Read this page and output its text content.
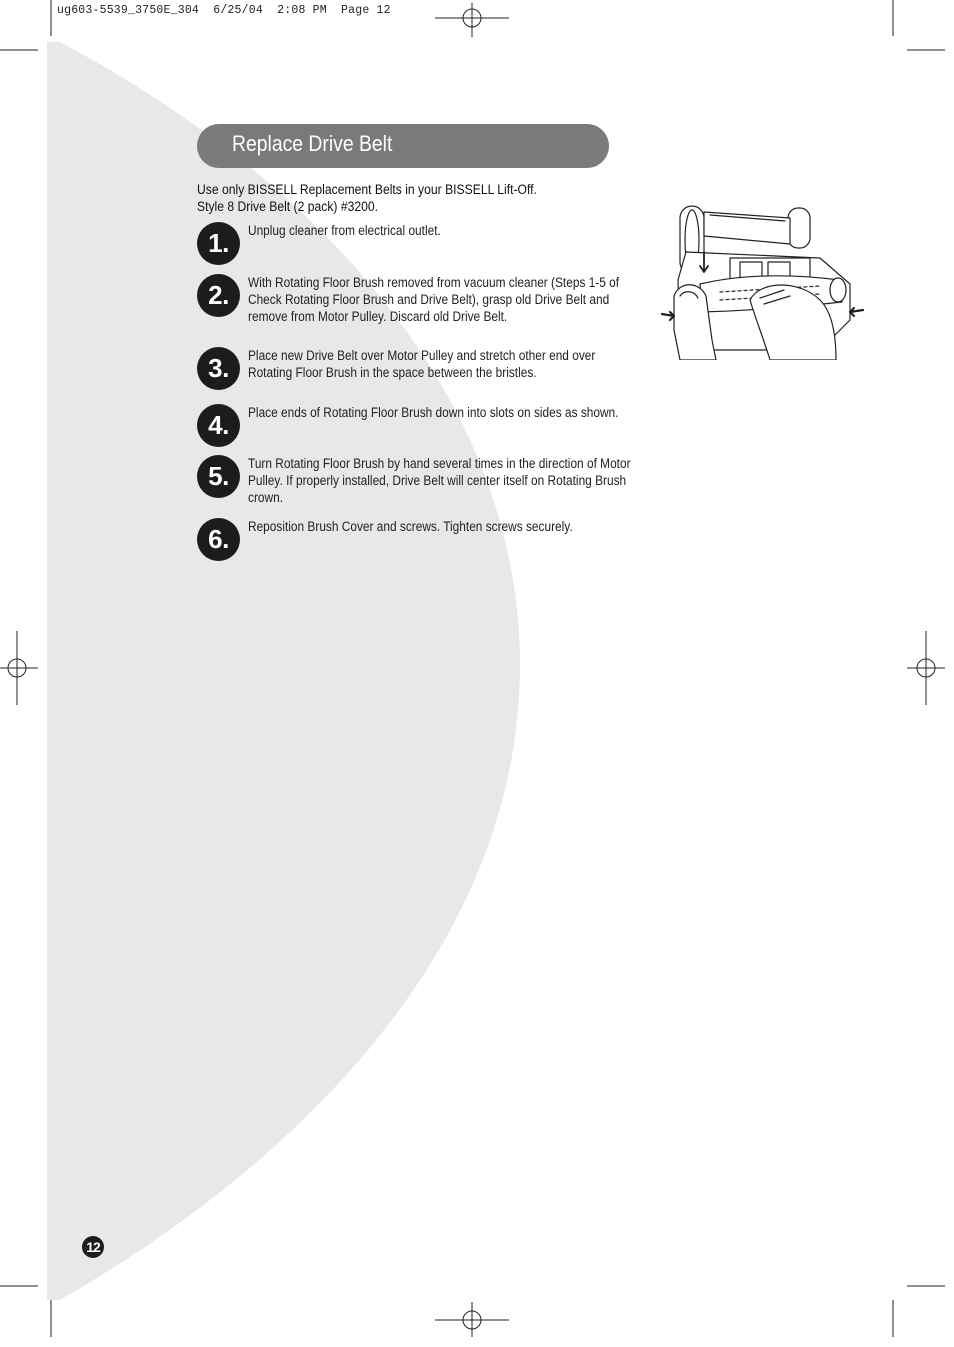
ug603-5539_3750E_304  6/25/04  2:08 PM  Page 12
Replace Drive Belt
Use only BISSELL Replacement Belts in your BISSELL Lift-Off.
Style 8 Drive Belt (2 pack) #3200.
1.	Unplug cleaner from electrical outlet.
2.	With Rotating Floor Brush removed from vacuum cleaner (Steps 1-5 of Check Rotating Floor Brush and Drive Belt), grasp old Drive Belt and remove from Motor Pulley. Discard old Drive Belt.
3.	Place new Drive Belt over Motor Pulley and stretch other end over Rotating Floor Brush in the space between the bristles.
4.	Place ends of Rotating Floor Brush down into slots on sides as shown.
5.	Turn Rotating Floor Brush by hand several times in the direction of Motor Pulley. If properly installed, Drive Belt will center itself on Rotating Brush crown.
6.	Reposition Brush Cover and screws. Tighten screws securely.
12
